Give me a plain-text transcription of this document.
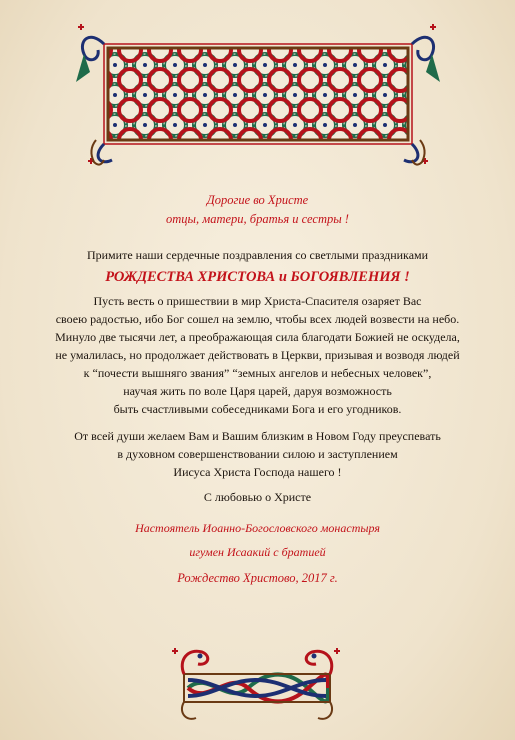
Дорогие во Христе
отцы, матери, братья и сестры !
Примите наши сердечные поздравления со светлыми праздниками
РОЖДЕСТВА ХРИСТОВА и БОГОЯВЛЕНИЯ !
Пусть весть о пришествии в мир Христа-Спасителя озаряет Вас
своею радостью, ибо Бог сошел на землю, чтобы всех людей возвести на небо.
Минуло две тысячи лет, а преображающая сила благодати Божией не оскудела,
не умалилась, но продолжает действовать в Церкви, призывая и возводя людей
к “почести вышняго звания” “земных ангелов и небесных человек”,
научая жить по воле Царя царей, даруя возможность
быть счастливыми собеседниками Бога и его угодников.
От всей души желаем Вам и Вашим близким в Новом Году преуспевать
в духовном совершенствовании силою и заступлением
Иисуса Христа Господа нашего !
С любовью о Христе
Настоятель Иоанно-Богословского монастыря
игумен Исаакий с братией
Рождество Христово, 2017 г.
